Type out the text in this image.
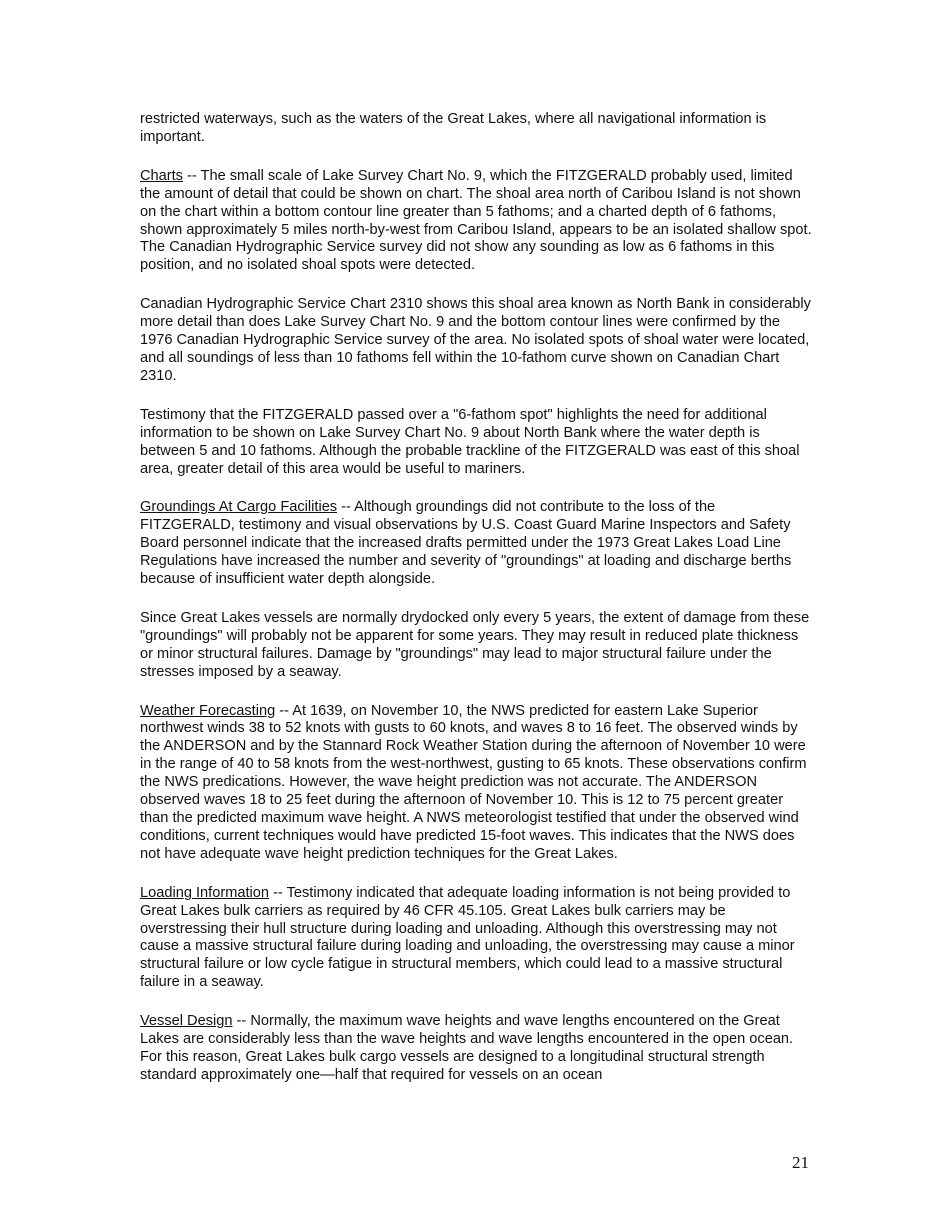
restricted waterways, such as the waters of the Great Lakes, where all navigational information is important.

Charts -- The small scale of Lake Survey Chart No. 9, which the FITZGERALD probably used, limited the amount of detail that could be shown on chart. The shoal area north of Caribou Island is not shown on the chart within a bottom contour line greater than 5 fathoms; and a charted depth of 6 fathoms, shown approximately 5 miles north-by-west from Caribou Island, appears to be an isolated shallow spot. The Canadian Hydrographic Service survey did not show any sounding as low as 6 fathoms in this position, and no isolated shoal spots were detected.

Canadian Hydrographic Service Chart 2310 shows this shoal area known as North Bank in considerably more detail than does Lake Survey Chart No. 9 and the bottom contour lines were confirmed by the 1976 Canadian Hydrographic Service survey of the area. No isolated spots of shoal water were located, and all soundings of less than 10 fathoms fell within the 10-fathom curve shown on Canadian Chart 2310.

Testimony that the FITZGERALD passed over a "6-fathom spot" highlights the need for additional information to be shown on Lake Survey Chart No. 9 about North Bank where the water depth is between 5 and 10 fathoms. Although the probable trackline of the FITZGERALD was east of this shoal area, greater detail of this area would be useful to mariners.

Groundings At Cargo Facilities -- Although groundings did not contribute to the loss of the FITZGERALD, testimony and visual observations by U.S. Coast Guard Marine Inspectors and Safety Board personnel indicate that the increased drafts permitted under the 1973 Great Lakes Load Line Regulations have increased the number and severity of "groundings" at loading and discharge berths because of insufficient water depth alongside.

Since Great Lakes vessels are normally drydocked only every 5 years, the extent of damage from these "groundings" will probably not be apparent for some years. They may result in reduced plate thickness or minor structural failures. Damage by "groundings" may lead to major structural failure under the stresses imposed by a seaway.

Weather Forecasting -- At 1639, on November 10, the NWS predicted for eastern Lake Superior northwest winds 38 to 52 knots with gusts to 60 knots, and waves 8 to 16 feet. The observed winds by the ANDERSON and by the Stannard Rock Weather Station during the afternoon of November 10 were in the range of 40 to 58 knots from the west-northwest, gusting to 65 knots. These observations confirm the NWS predications. However, the wave height prediction was not accurate. The ANDERSON observed waves 18 to 25 feet during the afternoon of November 10. This is 12 to 75 percent greater than the predicted maximum wave height. A NWS meteorologist testified that under the observed wind conditions, current techniques would have predicted 15-foot waves. This indicates that the NWS does not have adequate wave height prediction techniques for the Great Lakes.

Loading Information -- Testimony indicated that adequate loading information is not being provided to Great Lakes bulk carriers as required by 46 CFR 45.105. Great Lakes bulk carriers may be overstressing their hull structure during loading and unloading. Although this overstressing may not cause a massive structural failure during loading and unloading, the overstressing may cause a minor structural failure or low cycle fatigue in structural members, which could lead to a massive structural failure in a seaway.

Vessel Design -- Normally, the maximum wave heights and wave lengths encountered on the Great Lakes are considerably less than the wave heights and wave lengths encountered in the open ocean. For this reason, Great Lakes bulk cargo vessels are designed to a longitudinal structural strength standard approximately one—half that required for vessels on an ocean

21
